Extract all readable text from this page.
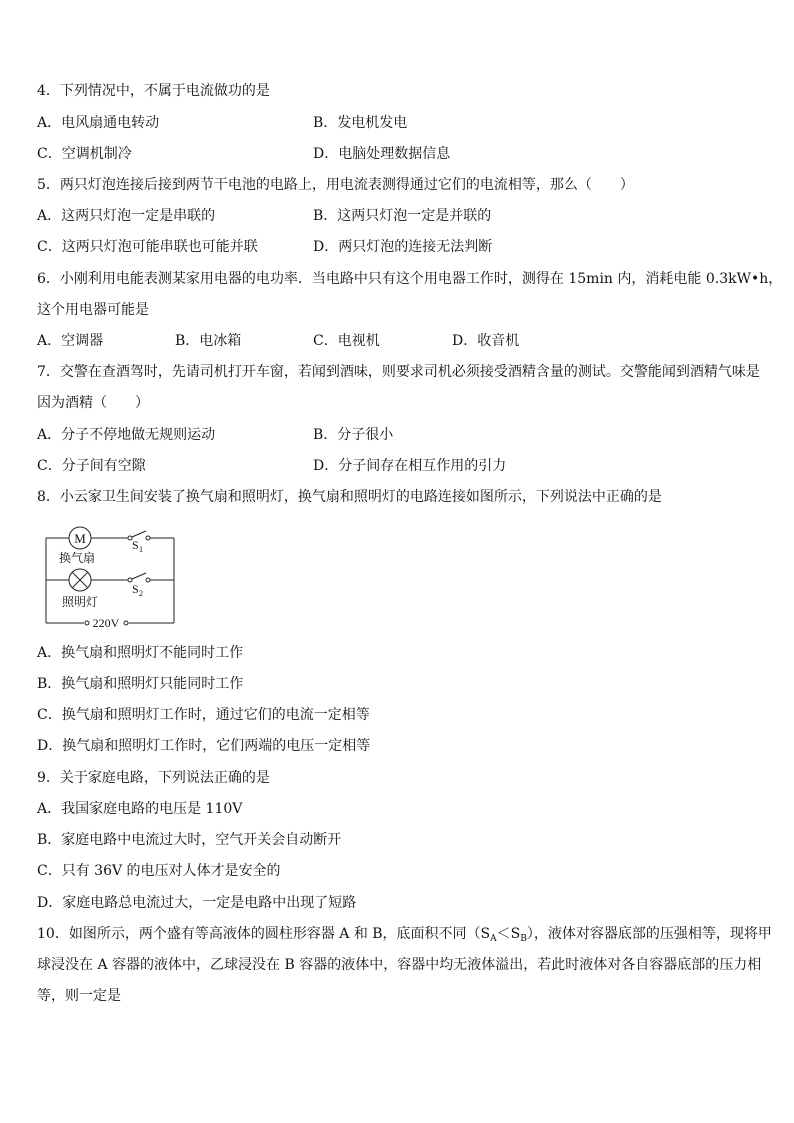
4．下列情况中，不属于电流做功的是
A．电风扇通电转动	B．发电机发电
C．空调机制冷	D．电脑处理数据信息
5．两只灯泡连接后接到两节干电池的电路上，用电流表测得通过它们的电流相等，那么（　　）
A．这两只灯泡一定是串联的	B．这两只灯泡一定是并联的
C．这两只灯泡可能串联也可能并联	D．两只灯泡的连接无法判断
6．小刚利用电能表测某家用电器的电功率．当电路中只有这个用电器工作时，测得在 15min 内，消耗电能 0.3kW•h，
这个用电器可能是
A．空调器	B．电冰箱	C．电视机	D．收音机
7．交警在查酒驾时，先请司机打开车窗，若闻到酒味，则要求司机必须接受酒精含量的测试。交警能闻到酒精气味是
因为酒精（　　）
A．分子不停地做无规则运动	B．分子很小
C．分子间有空隙	D．分子间存在相互作用的引力
8．小云家卫生间安装了换气扇和照明灯，换气扇和照明灯的电路连接如图所示，下列说法中正确的是
M
换气扇
照明灯
S 1
S 2
220V
A．换气扇和照明灯不能同时工作
B．换气扇和照明灯只能同时工作
C．换气扇和照明灯工作时，通过它们的电流一定相等
D．换气扇和照明灯工作时，它们两端的电压一定相等
9．关于家庭电路，下列说法正确的是
A．我国家庭电路的电压是 110V
B．家庭电路中电流过大时，空气开关会自动断开
C．只有 36V 的电压对人体才是安全的
D．家庭电路总电流过大，一定是电路中出现了短路
10．如图所示，两个盛有等高液体的圆柱形容器 A 和 B，底面积不同$(S_A<S_B)$，液体对容器底部的压强相等，现将甲
球浸没在 A 容器的液体中，乙球浸没在 B 容器的液体中，容器中均无液体溢出，若此时液体对各自容器底部的压力相
等，则一定是
